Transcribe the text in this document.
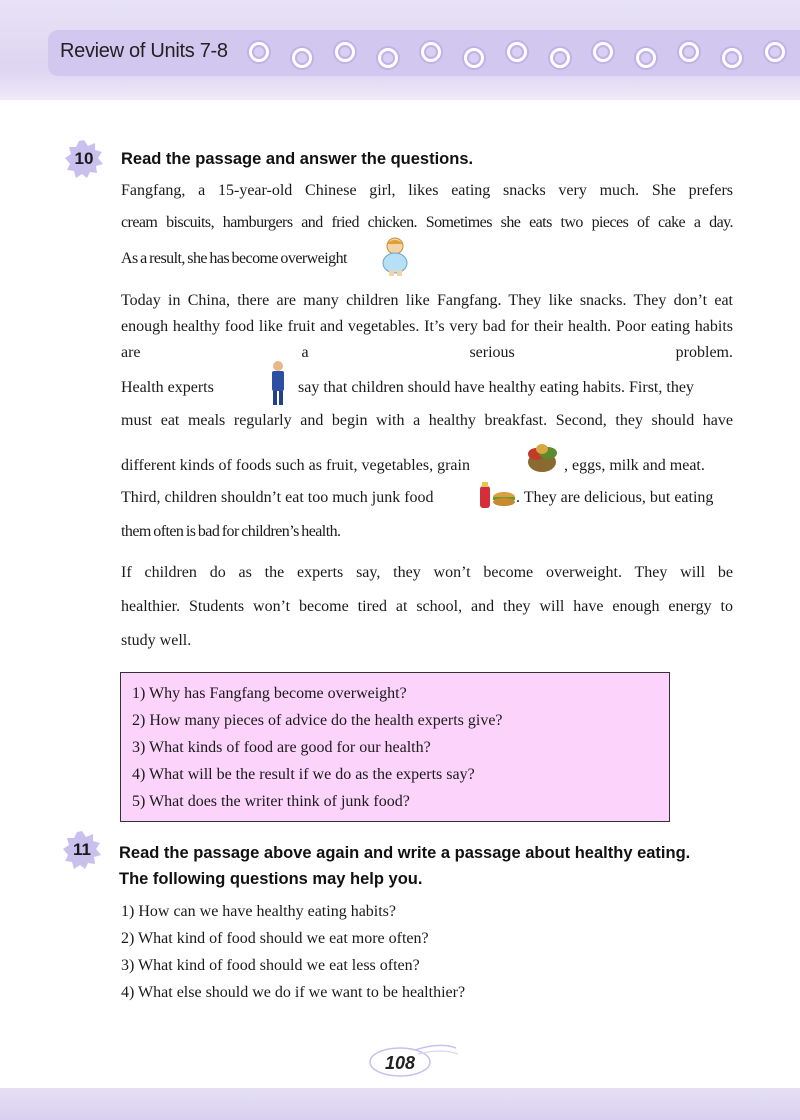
Review of Units 7-8
10 Read the passage and answer the questions.
Fangfang, a 15-year-old Chinese girl, likes eating snacks very much. She prefers
cream biscuits, hamburgers and fried chicken. Sometimes she eats two pieces of cake a day.
As a result, she has become overweight

Today in China, there are many children like Fangfang. They like snacks. They don’t eat enough healthy food like fruit and vegetables. It’s very bad for their health. Poor eating habits are a serious problem.

Health experts	say that children should have healthy eating habits. First, they
must eat meals regularly and begin with a healthy breakfast. Second, they should have
different kinds of foods such as fruit, vegetables, grain	, eggs, milk and meat.
Third, children shouldn’t eat too much junk food	. They are delicious, but eating
them often is bad for children’s health.
If children do as the experts say, they won’t become overweight. They will be
healthier. Students won’t become tired at school, and they will have enough energy to
study well.
1) Why has Fangfang become overweight?
2) How many pieces of advice do the health experts give?
3) What kinds of food are good for our health?
4) What will be the result if we do as the experts say?
5) What does the writer think of junk food?
11 Read the passage above again and write a passage about healthy eating.
The following questions may help you.
1) How can we have healthy eating habits?
2) What kind of food should we eat more often?
3) What kind of food should we eat less often?
4) What else should we do if we want to be healthier?
108
